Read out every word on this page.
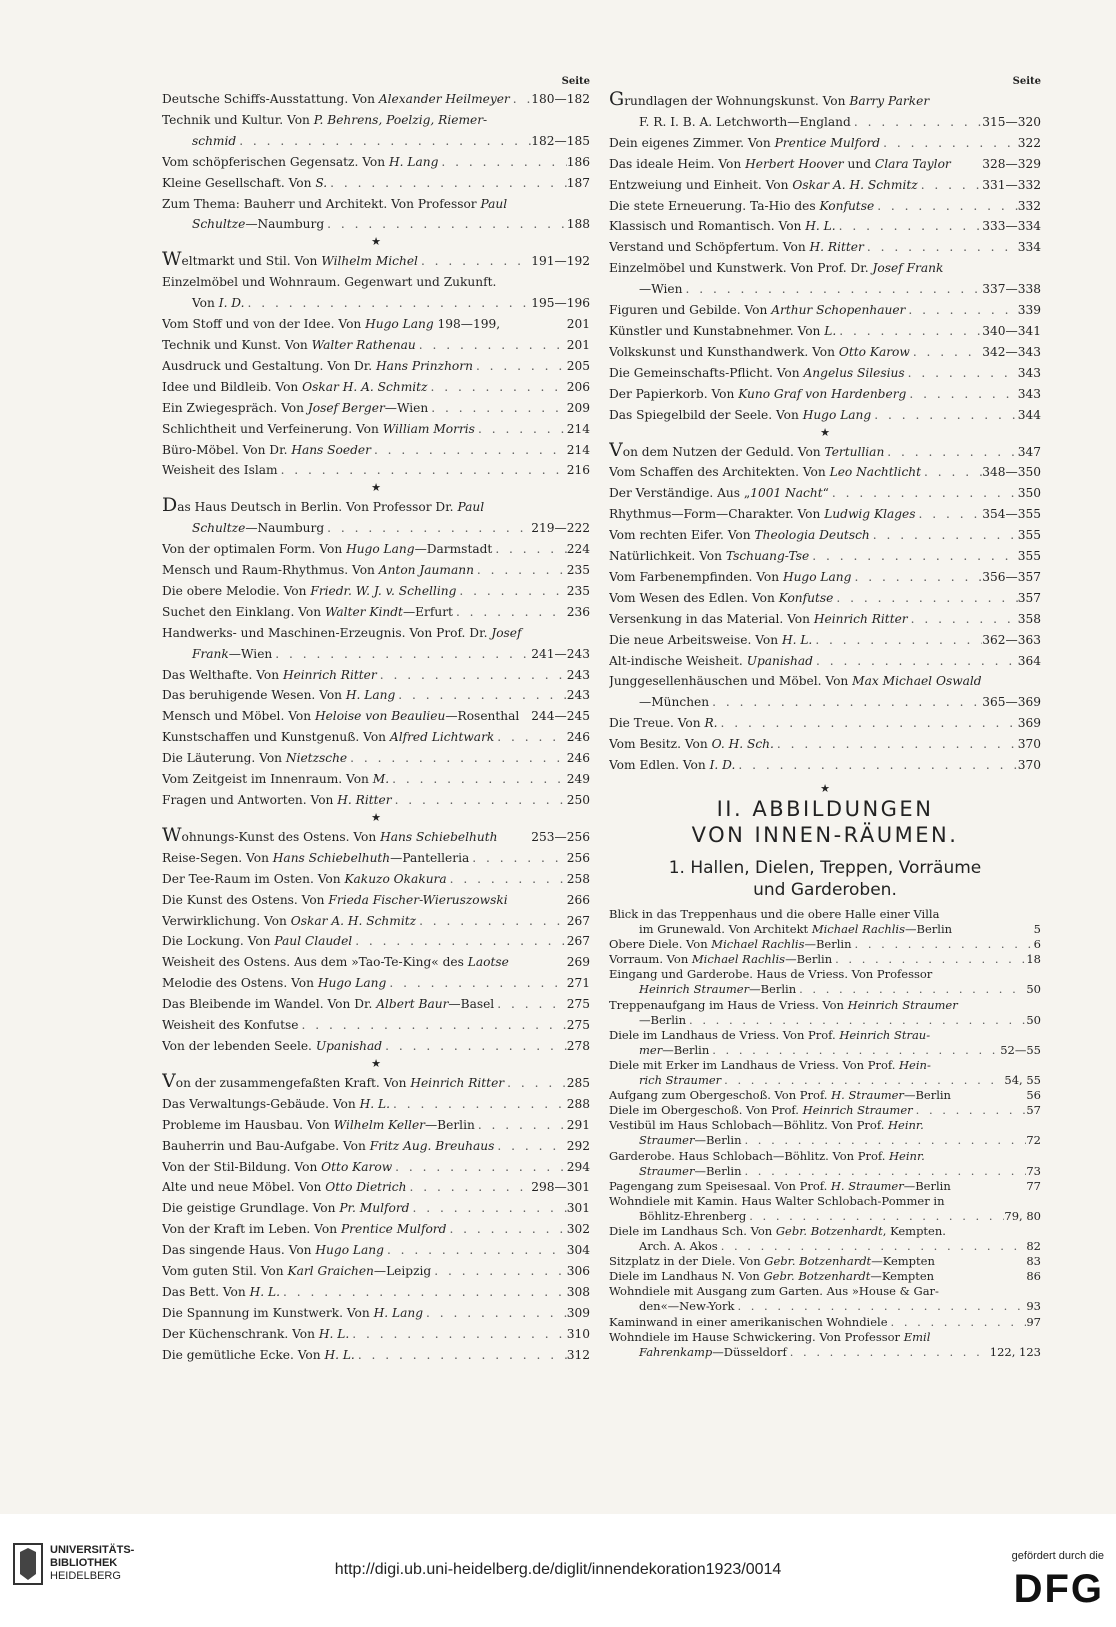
Seite
Deutsche Schiffs-Ausstattung. Von Alexander Heilmeyer . . . 180—182
Technik und Kultur. Von P. Behrens, Poelzig, Riemer-
schmid . . .	182—185
Vom schöpferischen Gegensatz. Von H. Lang . . .	186
Kleine Gesellschaft. Von S. . . .	187
Zum Thema: Bauherr und Architekt. Von Professor Paul
Schultze—Naumburg . . .	188
★
Weltmarkt und Stil. Von Wilhelm Michel . . .	191—192
Einzelmöbel und Wohnraum. Gegenwart und Zukunft.
Von I. D. . . .	195—196
Vom Stoff und von der Idee. Von Hugo Lang 198—199,	201
Technik und Kunst. Von Walter Rathenau . . .	201
Ausdruck und Gestaltung. Von Dr. Hans Prinzhorn . . .	205
Idee und Bildleib. Von Oskar H. A. Schmitz . . .	206
Ein Zwiegespräch. Von Josef Berger—Wien . . .	209
Schlichtheit und Verfeinerung. Von William Morris . . .	214
Büro-Möbel. Von Dr. Hans Soeder . . .	214
Weisheit des Islam . . .	216
★
Das Haus Deutsch in Berlin. Von Professor Dr. Paul
Schultze—Naumburg . . .	219—222
Von der optimalen Form. Von Hugo Lang—Darmstadt . . .	224
Mensch und Raum-Rhythmus. Von Anton Jaumann . . .	235
Die obere Melodie. Von Friedr. W. J. v. Schelling . . .	235
Suchet den Einklang. Von Walter Kindt—Erfurt . . .	236
Handwerks- und Maschinen-Erzeugnis. Von Prof. Dr. Josef
Frank—Wien . . .	241—243
Das Welthafte. Von Heinrich Ritter . . .	243
Das beruhigende Wesen. Von H. Lang . . .	243
Mensch und Möbel. Von Heloise von Beaulieu—Rosenthal 244—245
Kunstschaffen und Kunstgenuß. Von Alfred Lichtwark . . .	246
Die Läuterung. Von Nietzsche . . .	246
Vom Zeitgeist im Innenraum. Von M. . . .	249
Fragen und Antworten. Von H. Ritter . . .	250
★
Wohnungs-Kunst des Ostens. Von Hans Schiebelhuth	253—256
Reise-Segen. Von Hans Schiebelhuth—Pantelleria . . .	256
Der Tee-Raum im Osten. Von Kakuzo Okakura . . .	258
Die Kunst des Ostens. Von Frieda Fischer-Wieruszowski	266
Verwirklichung. Von Oskar A. H. Schmitz . . .	267
Die Lockung. Von Paul Claudel . . .	267
Weisheit des Ostens. Aus dem »Tao-Te-King« des Laotse	269
Melodie des Ostens. Von Hugo Lang . . .	271
Das Bleibende im Wandel. Von Dr. Albert Baur—Basel . . .	275
Weisheit des Konfutse . . .	275
Von der lebenden Seele. Upanishad . . .	278
★
Von der zusammengefaßten Kraft. Von Heinrich Ritter . . .	285
Das Verwaltungs-Gebäude. Von H. L. . . .	288
Probleme im Hausbau. Von Wilhelm Keller—Berlin . . .	291
Bauherrin und Bau-Aufgabe. Von Fritz Aug. Breuhaus . . .	292
Von der Stil-Bildung. Von Otto Karow . . .	294
Alte und neue Möbel. Von Otto Dietrich . . .	298—301
Die geistige Grundlage. Von Pr. Mulford . . .	301
Von der Kraft im Leben. Von Prentice Mulford . . .	302
Das singende Haus. Von Hugo Lang . . .	304
Vom guten Stil. Von Karl Graichen—Leipzig . . .	306
Das Bett. Von H. L. . . .	308
Die Spannung im Kunstwerk. Von H. Lang . . .	309
Der Küchenschrank. Von H. L. . . .	310
Die gemütliche Ecke. Von H. L. . . .	312
Seite
Grundlagen der Wohnungskunst. Von Barry Parker
F. R. I. B. A. Letchworth—England . . .	315—320
Dein eigenes Zimmer. Von Prentice Mulford . . .	322
Das ideale Heim. Von Herbert Hoover und Clara Taylor	328—329
Entzweiung und Einheit. Von Oskar A. H. Schmitz . . .	331—332
Die stete Erneuerung. Ta-Hio des Konfutse . . .	332
Klassisch und Romantisch. Von H. L. . . .	333—334
Verstand und Schöpfertum. Von H. Ritter . . .	334
Einzelmöbel und Kunstwerk. Von Prof. Dr. Josef Frank
—Wien . . .	337—338
Figuren und Gebilde. Von Arthur Schopenhauer . . .	339
Künstler und Kunstabnehmer. Von L. . . .	340—341
Volkskunst und Kunsthandwerk. Von Otto Karow . . .	342—343
Die Gemeinschafts-Pflicht. Von Angelus Silesius . . .	343
Der Papierkorb. Von Kuno Graf von Hardenberg . . .	343
Das Spiegelbild der Seele. Von Hugo Lang . . .	344
★
Von dem Nutzen der Geduld. Von Tertullian . . .	347
Vom Schaffen des Architekten. Von Leo Nachtlicht . . .	348—350
Der Verständige. Aus „1001 Nacht“ . . .	350
Rhythmus—Form—Charakter. Von Ludwig Klages . . .	354—355
Vom rechten Eifer. Von Theologia Deutsch . . .	355
Natürlichkeit. Von Tschuang-Tse . . .	355
Vom Farbenempfinden. Von Hugo Lang . . .	356—357
Vom Wesen des Edlen. Von Konfutse . . .	357
Versenkung in das Material. Von Heinrich Ritter . . .	358
Die neue Arbeitsweise. Von H. L. . . .	362—363
Alt-indische Weisheit. Upanishad . . .	364
Junggesellenhäuschen und Möbel. Von Max Michael Oswald
—München . . .	365—369
Die Treue. Von R. . . .	369
Vom Besitz. Von O. H. Sch. . . .	370
Vom Edlen. Von I. D. . . .	370
★
II. ABBILDUNGEN
VON INNEN-RÄUMEN.
1. Hallen, Dielen, Treppen, Vorräume
und Garderoben.
Blick in das Treppenhaus und die obere Halle einer Villa
im Grunewald. Von Architekt Michael Rachlis—Berlin	5
Obere Diele. Von Michael Rachlis—Berlin . . .	6
Vorraum. Von Michael Rachlis—Berlin . . .	18
Eingang und Garderobe. Haus de Vriess. Von Professor
Heinrich Straumer—Berlin . . .	50
Treppenaufgang im Haus de Vriess. Von Heinrich Straumer
—Berlin . . .	50
Diele im Landhaus de Vriess. Von Prof. Heinrich Strau-
mer—Berlin . . .	52—55
Diele mit Erker im Landhaus de Vriess. Von Prof. Hein-
rich Straumer . . .	54, 55
Aufgang zum Obergeschoß. Von Prof. H. Straumer—Berlin	56
Diele im Obergeschoß. Von Prof. Heinrich Straumer . . .	57
Vestibül im Haus Schlobach—Böhlitz. Von Prof. Heinr.
Straumer—Berlin . . .	72
Garderobe. Haus Schlobach—Böhlitz. Von Prof. Heinr.
Straumer—Berlin . . .	73
Pagengang zum Speisesaal. Von Prof. H. Straumer—Berlin	77
Wohndiele mit Kamin. Haus Walter Schlobach-Pommer in
Böhlitz-Ehrenberg . . .	79, 80
Diele im Landhaus Sch. Von Gebr. Botzenhardt, Kempten.
Arch. A. Akos . . .	82
Sitzplatz in der Diele. Von Gebr. Botzenhardt—Kempten	83
Diele im Landhaus N. Von Gebr. Botzenhardt—Kempten	86
Wohndiele mit Ausgang zum Garten. Aus »House & Gar-
den«—New-York . . .	93
Kaminwand in einer amerikanischen Wohndiele . . .	97
Wohndiele im Hause Schwickering. Von Professor Emil
Fahrenkamp—Düsseldorf . . .	122, 123
UNIVERSITÄTS-
BIBLIOTHEK
HEIDELBERG	http://digi.ub.uni-heidelberg.de/diglit/innendekoration1923/0014
gefördert durch die
DFG
